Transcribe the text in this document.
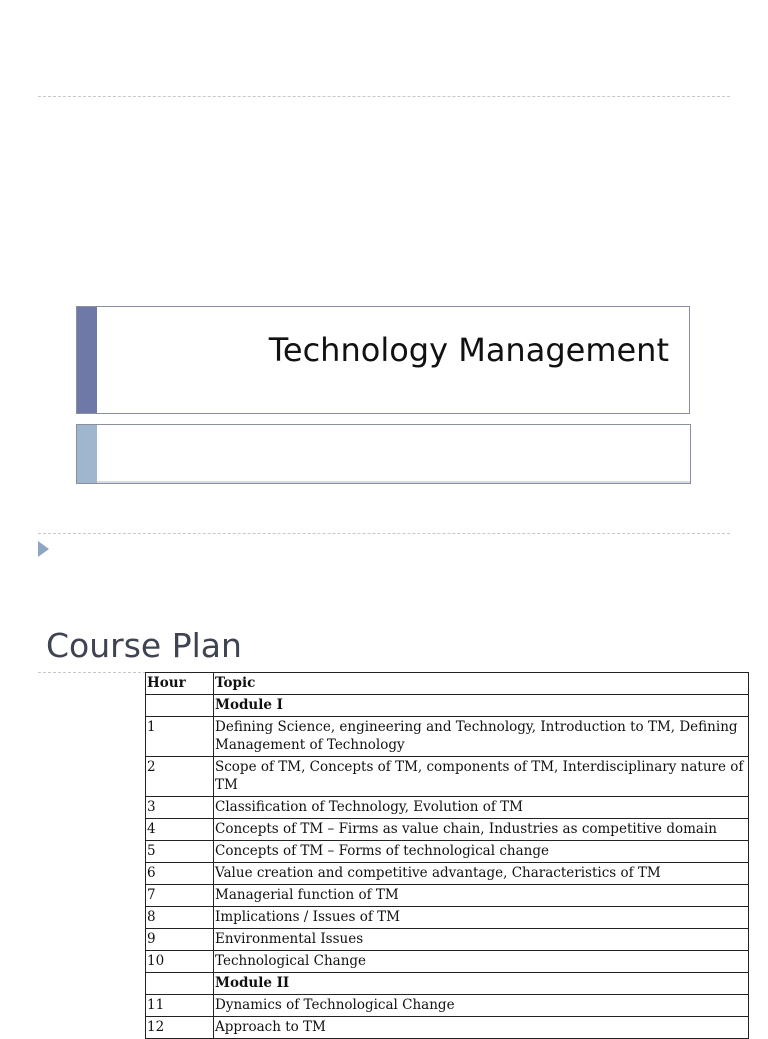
Technology Management
Course Plan
Hour	Topic
	Module I
1	Defining Science, engineering and Technology, Introduction to TM, Defining Management of Technology
2	Scope of TM, Concepts of TM, components of TM, Interdisciplinary nature of TM
3	Classification of Technology, Evolution of TM
4	Concepts of TM – Firms as value chain, Industries as competitive domain
5	Concepts of TM – Forms of technological change
6	Value creation and competitive advantage, Characteristics of TM
7	Managerial function of TM
8	Implications / Issues of TM
9	Environmental Issues
10	Technological Change
	Module II
11	Dynamics of Technological Change
12	Approach to TM
